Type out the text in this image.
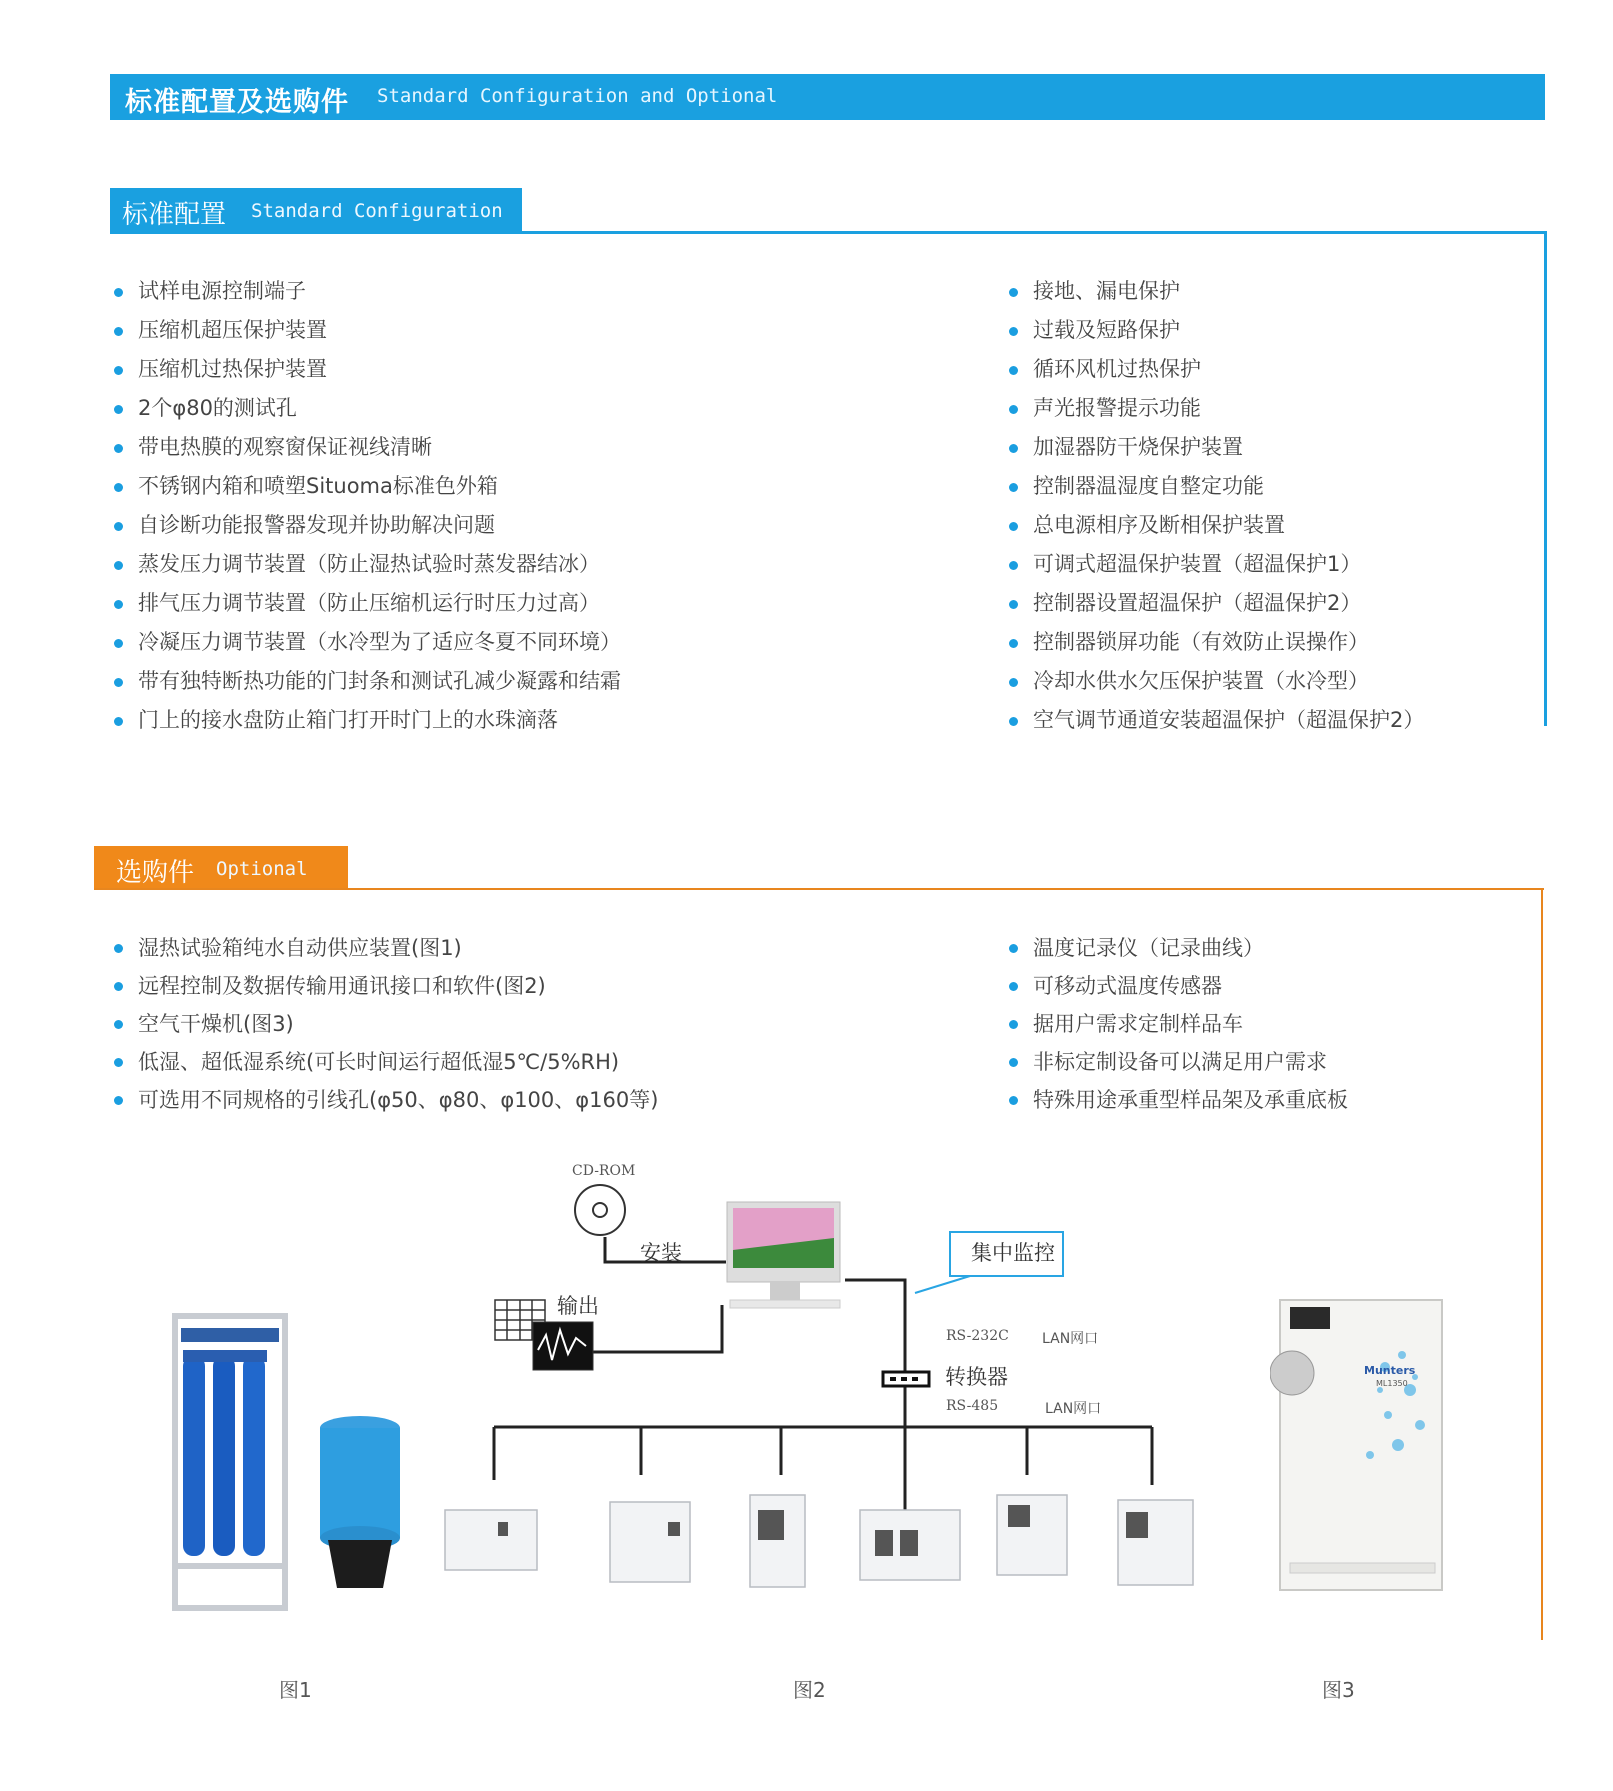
标准配置及选购件 Standard Configuration and Optional
标准配置 Standard Configuration
试样电源控制端子
压缩机超压保护装置
压缩机过热保护装置
2个φ80的测试孔
带电热膜的观察窗保证视线清晰
不锈钢内箱和喷塑Situoma标准色外箱
自诊断功能报警器发现并协助解决问题
蒸发压力调节装置（防止湿热试验时蒸发器结冰）
排气压力调节装置（防止压缩机运行时压力过高）
冷凝压力调节装置（水冷型为了适应冬夏不同环境）
带有独特断热功能的门封条和测试孔减少凝露和结霜
门上的接水盘防止箱门打开时门上的水珠滴落
接地、漏电保护
过载及短路保护
循环风机过热保护
声光报警提示功能
加湿器防干烧保护装置
控制器温湿度自整定功能
总电源相序及断相保护装置
可调式超温保护装置（超温保护1）
控制器设置超温保护（超温保护2）
控制器锁屏功能（有效防止误操作）
冷却水供水欠压保护装置（水冷型）
空气调节通道安装超温保护（超温保护2）
选购件 Optional
湿热试验箱纯水自动供应装置(图1)
远程控制及数据传输用通讯接口和软件(图2)
空气干燥机(图3)
低湿、超低湿系统(可长时间运行超低湿5℃/5%RH)
可选用不同规格的引线孔(φ50、φ80、φ100、φ160等)
温度记录仪（记录曲线）
可移动式温度传感器
据用户需求定制样品车
非标定制设备可以满足用户需求
特殊用途承重型样品架及承重底板
CD-ROM
安装
输出
集中监控
转换器
RS-232C
RS-485
LAN网口
LAN网口
Munters
ML1350
图1	图2	图3
